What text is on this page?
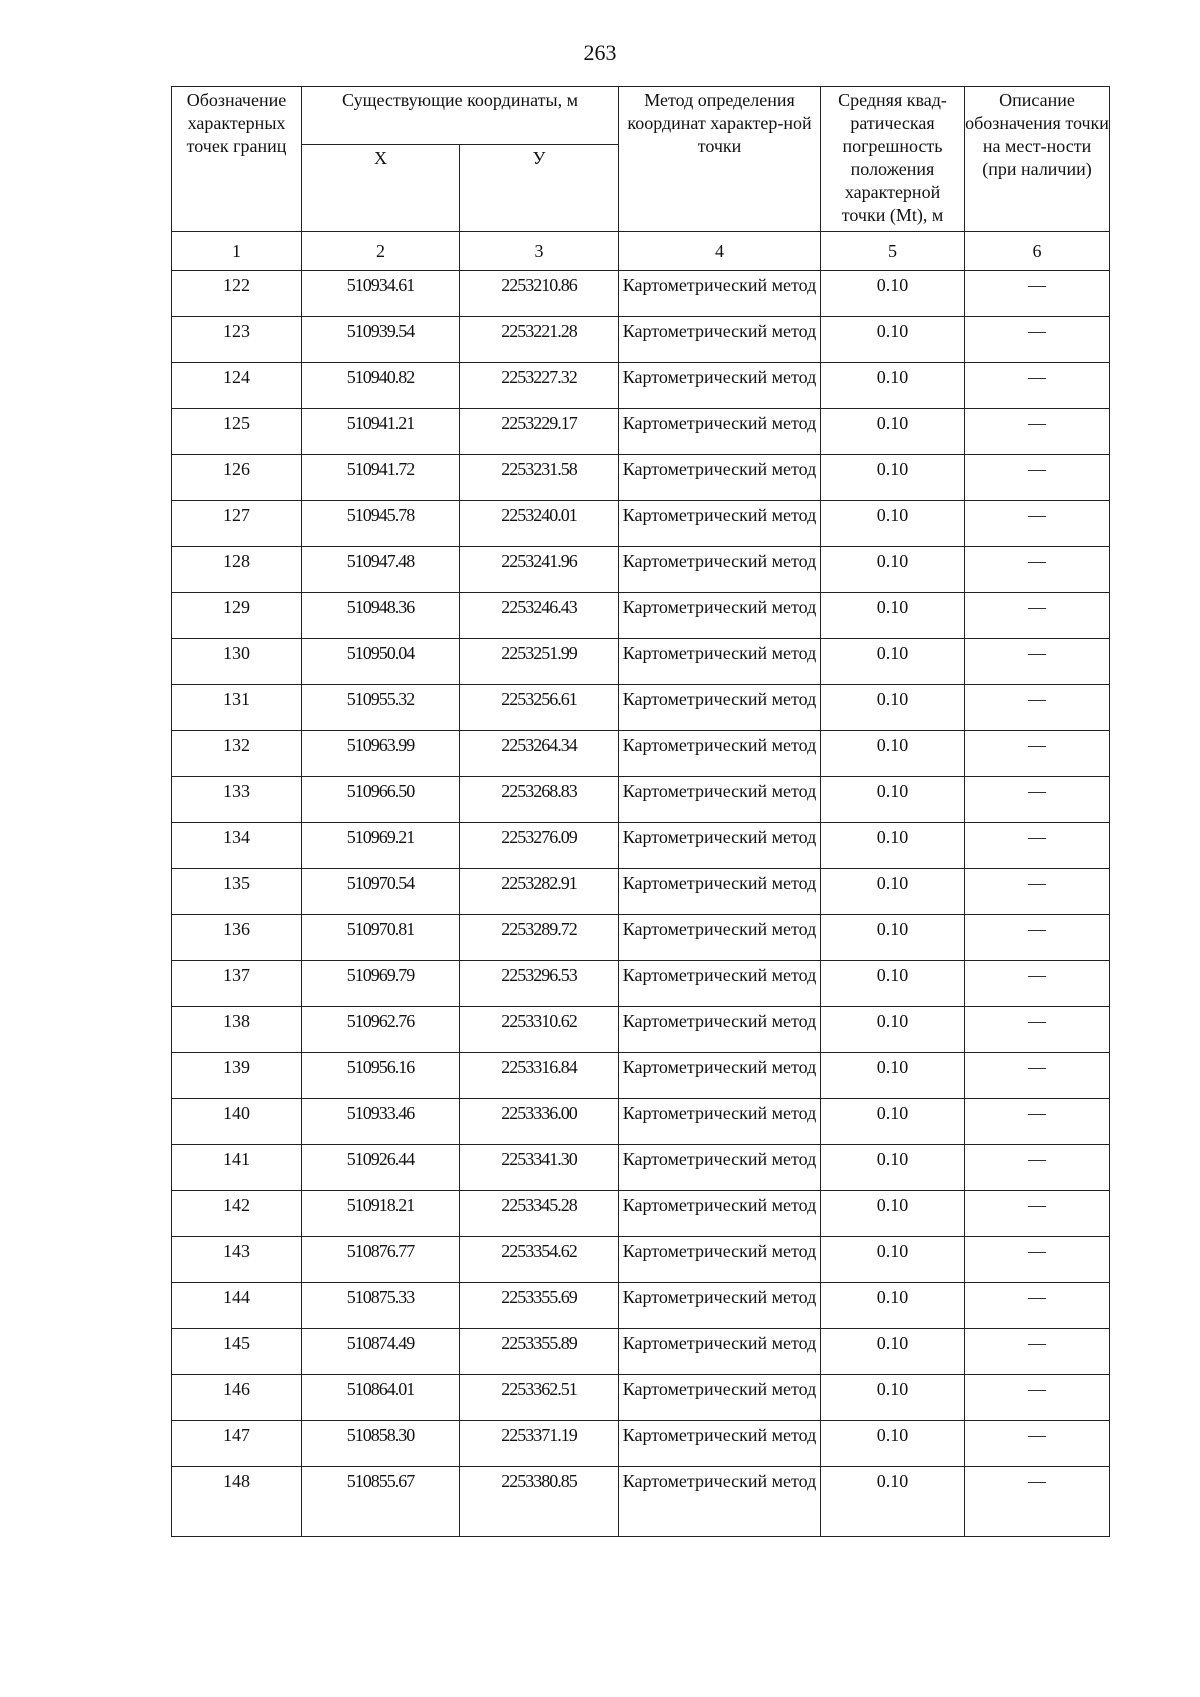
263
Обозначение характерных точек границ	Существующие координаты, м		Метод определения координат характер-ной точки	Средняя квад-ратическая погрешность положения характерной точки (Mt), м	Описание обозначения точки на мест-ности (при наличии)
	X	У			
1	2	3	4	5	6
122	510934.61	2253210.86	Картометрический метод	0.10	—
123	510939.54	2253221.28	Картометрический метод	0.10	—
124	510940.82	2253227.32	Картометрический метод	0.10	—
125	510941.21	2253229.17	Картометрический метод	0.10	—
126	510941.72	2253231.58	Картометрический метод	0.10	—
127	510945.78	2253240.01	Картометрический метод	0.10	—
128	510947.48	2253241.96	Картометрический метод	0.10	—
129	510948.36	2253246.43	Картометрический метод	0.10	—
130	510950.04	2253251.99	Картометрический метод	0.10	—
131	510955.32	2253256.61	Картометрический метод	0.10	—
132	510963.99	2253264.34	Картометрический метод	0.10	—
133	510966.50	2253268.83	Картометрический метод	0.10	—
134	510969.21	2253276.09	Картометрический метод	0.10	—
135	510970.54	2253282.91	Картометрический метод	0.10	—
136	510970.81	2253289.72	Картометрический метод	0.10	—
137	510969.79	2253296.53	Картометрический метод	0.10	—
138	510962.76	2253310.62	Картометрический метод	0.10	—
139	510956.16	2253316.84	Картометрический метод	0.10	—
140	510933.46	2253336.00	Картометрический метод	0.10	—
141	510926.44	2253341.30	Картометрический метод	0.10	—
142	510918.21	2253345.28	Картометрический метод	0.10	—
143	510876.77	2253354.62	Картометрический метод	0.10	—
144	510875.33	2253355.69	Картометрический метод	0.10	—
145	510874.49	2253355.89	Картометрический метод	0.10	—
146	510864.01	2253362.51	Картометрический метод	0.10	—
147	510858.30	2253371.19	Картометрический метод	0.10	—
148	510855.67	2253380.85	Картометрический метод	0.10	—
